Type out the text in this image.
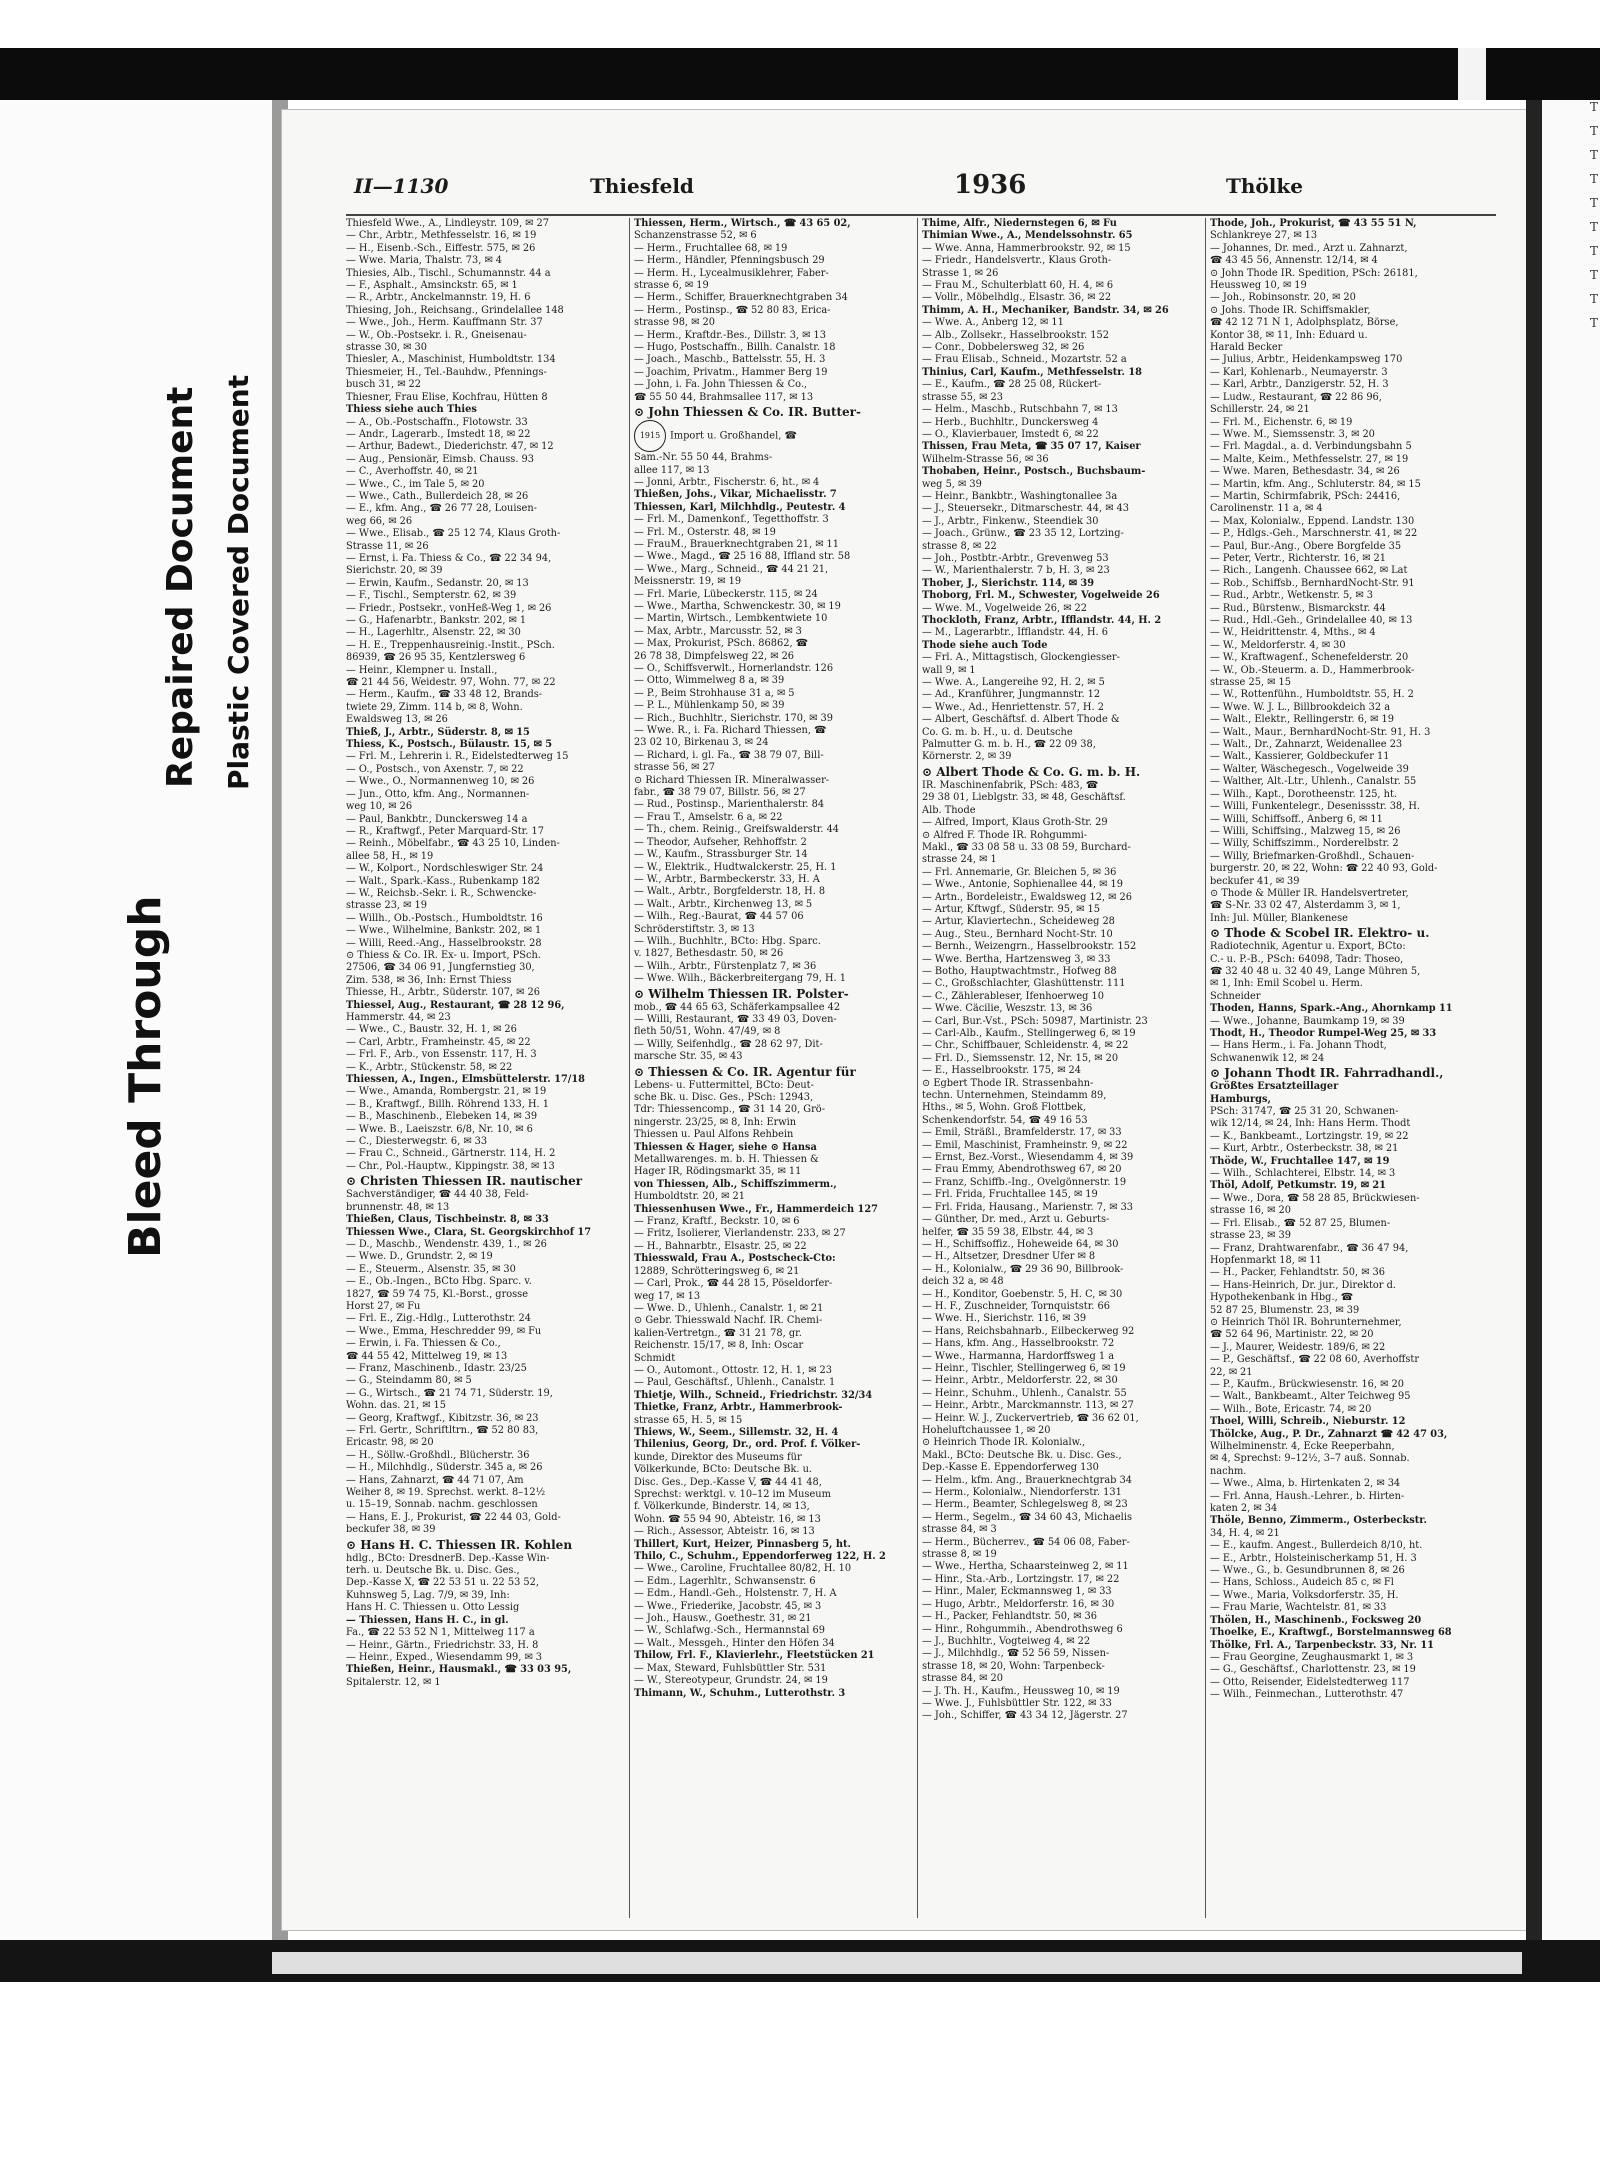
Bleed Through
Repaired Document Plastic Covered Document
II—1130	Thiesfeld	1936	Thölke
Thiesfeld Wwe., A., Lindleystr. 109, ✉ 27
— Chr., Arbtr., Methfesselstr. 16, ✉ 19
— H., Eisenb.-Sch., Eiffestr. 575, ✉ 26
— Wwe. Maria, Thalstr. 73, ✉ 4
Thiesies, Alb., Tischl., Schumannstr. 44 a
— F., Asphalt., Amsinckstr. 65, ✉ 1
— R., Arbtr., Anckelmannstr. 19, H. 6
Thiesing, Joh., Reichsang., Grindelallee 148
— Wwe., Joh., Herm. Kauffmann Str. 37
— W., Ob.-Postsekr. i. R., Gneisenau-
strasse 30, ✉ 30
Thiesler, A., Maschinist, Humboldtstr. 134
Thiesmeier, H., Tel.-Bauhdw., Pfennings-
busch 31, ✉ 22
Thiesner, Frau Elise, Kochfrau, Hütten 8
Thiess siehe auch Thies
— A., Ob.-Postschaffn., Flotowstr. 33
— Andr., Lagerarb., Imstedt 18, ✉ 22
— Arthur, Badewt., Diederichstr. 47, ✉ 12
— Aug., Pensionär, Eimsb. Chauss. 93
— C., Averhoffstr. 40, ✉ 21
— Wwe., C., im Tale 5, ✉ 20
— Wwe., Cath., Bullerdeich 28, ✉ 26
— E., kfm. Ang., ☎ 26 77 28, Louisen-
weg 66, ✉ 26
— Wwe., Elisab., ☎ 25 12 74, Klaus Groth-
Strasse 11, ✉ 26
— Ernst, i. Fa. Thiess & Co., ☎ 22 34 94,
Sierichstr. 20, ✉ 39
— Erwin, Kaufm., Sedanstr. 20, ✉ 13
— F., Tischl., Sempterstr. 62, ✉ 39
— Friedr., Postsekr., vonHeß-Weg 1, ✉ 26
— G., Hafenarbtr., Bankstr. 202, ✉ 1
— H., Lagerhltr., Alsenstr. 22, ✉ 30
— H. E., Treppenhausreinig.-Instit., PSch.
86939, ☎ 26 95 35, Kentzlersweg 6
— Heinr., Klempner u. Install.,
☎ 21 44 56, Weidestr. 97, Wohn. 77, ✉ 22
— Herm., Kaufm., ☎ 33 48 12, Brands-
twiete 29, Zimm. 114 b, ✉ 8, Wohn.
Ewaldsweg 13, ✉ 26
Thieß, J., Arbtr., Süderstr. 8, ✉ 15
Thiess, K., Postsch., Bülaustr. 15, ✉ 5
— Frl. M., Lehrerin i. R., Eidelstedterweg 15
— O., Postsch., von Axenstr. 7, ✉ 22
— Wwe., O., Normannenweg 10, ✉ 26
— Jun., Otto, kfm. Ang., Normannen-
weg 10, ✉ 26
— Paul, Bankbtr., Dunckersweg 14 a
— R., Kraftwgf., Peter Marquard-Str. 17
— Reinh., Möbelfabr., ☎ 43 25 10, Linden-
allee 58, H., ✉ 19
— W., Kolport., Nordschleswiger Str. 24
— Walt., Spark.-Kass., Rubenkamp 182
— W., Reichsb.-Sekr. i. R., Schwencke-
strasse 23, ✉ 19
— Willh., Ob.-Postsch., Humboldtstr. 16
— Wwe., Wilhelmine, Bankstr. 202, ✉ 1
— Willi, Reed.-Ang., Hasselbrookstr. 28
⊙ Thiess & Co. IR. Ex- u. Import, PSch.
27506, ☎ 34 06 91, Jungfernstieg 30,
Zim. 538, ✉ 36, Inh: Ernst Thiess
Thiesse, H., Arbtr., Süderstr. 107, ✉ 26
Thiessel, Aug., Restaurant, ☎ 28 12 96,
Hammerstr. 44, ✉ 23
— Wwe., C., Baustr. 32, H. 1, ✉ 26
— Carl, Arbtr., Framheinstr. 45, ✉ 22
— Frl. F., Arb., von Essenstr. 117, H. 3
— K., Arbtr., Stückenstr. 58, ✉ 22
Thiessen, A., Ingen., Elmsbüttelerstr. 17/18
— Wwe., Amanda, Rombergstr. 21, ✉ 19
— B., Kraftwgf., Billh. Röhrend 133, H. 1
— B., Maschinenb., Elebeken 14, ✉ 39
— Wwe. B., Laeiszstr. 6/8, Nr. 10, ✉ 6
— C., Diesterwegstr. 6, ✉ 33
— Frau C., Schneid., Gärtnerstr. 114, H. 2
— Chr., Pol.-Hauptw., Kippingstr. 38, ✉ 13
⊙ Christen Thiessen IR. nautischer
Sachverständiger, ☎ 44 40 38, Feld-
brunnenstr. 48, ✉ 13
Thießen, Claus, Tischbeinstr. 8, ✉ 33
Thiessen Wwe., Clara, St. Georgskirchhof 17
— D., Maschb., Wendenstr. 439, 1., ✉ 26
— Wwe. D., Grundstr. 2, ✉ 19
— E., Steuerm., Alsenstr. 35, ✉ 30
— E., Ob.-Ingen., BCto Hbg. Sparc. v.
1827, ☎ 59 74 75, Kl.-Borst., grosse
Horst 27, ✉ Fu
— Frl. E., Zig.-Hdlg., Lutterothstr. 24
— Wwe., Emma, Heschredder 99, ✉ Fu
— Erwin, i. Fa. Thiessen & Co.,
☎ 44 55 42, Mittelweg 19, ✉ 13
— Franz, Maschinenb., Idastr. 23/25
— G., Steindamm 80, ✉ 5
— G., Wirtsch., ☎ 21 74 71, Süderstr. 19,
Wohn. das. 21, ✉ 15
— Georg, Kraftwgf., Kibitzstr. 36, ✉ 23
— Frl. Gertr., Schriftltrn., ☎ 52 80 83,
Ericastr. 98, ✉ 20
— H., Söllw.-Großhdl., Blücherstr. 36
— H., Milchhdlg., Süderstr. 345 a, ✉ 26
— Hans, Zahnarzt, ☎ 44 71 07, Am
Weiher 8, ✉ 19. Sprechst. werkt. 8–12½
u. 15–19, Sonnab. nachm. geschlossen
— Hans, E. J., Prokurist, ☎ 22 44 03, Gold-
beckufer 38, ✉ 39
⊙ Hans H. C. Thiessen IR. Kohlen
hdlg., BCto: DresdnerB. Dep.-Kasse Win-
terh. u. Deutsche Bk. u. Disc. Ges.,
Dep.-Kasse X, ☎ 22 53 51 u. 22 53 52,
Kuhnsweg 5, Lag. 7/9, ✉ 39, Inh:
Hans H. C. Thiessen u. Otto Lessig
— Thiessen, Hans H. C., in gl.
Fa., ☎ 22 53 52 N 1, Mittelweg 117 a
— Heinr., Gärtn., Friedrichstr. 33, H. 8
— Heinr., Exped., Wiesendamm 99, ✉ 3
Thießen, Heinr., Hausmakl., ☎ 33 03 95,
Spitalerstr. 12, ✉ 1
Thiessen, Herm., Wirtsch., ☎ 43 65 02,
Schanzenstrasse 52, ✉ 6
— Herm., Fruchtallee 68, ✉ 19
— Herm., Händler, Pfenningsbusch 29
— Herm. H., Lycealmusiklehrer, Faber-
strasse 6, ✉ 19
— Herm., Schiffer, Brauerknechtgraben 34
— Herm., Postinsp., ☎ 52 80 83, Erica-
strasse 98, ✉ 20
— Herm., Kraftdr.-Bes., Dillstr. 3, ✉ 13
— Hugo, Postschaffn., Billh. Canalstr. 18
— Joach., Maschb., Battelsstr. 55, H. 3
— Joachim, Privatm., Hammer Berg 19
— John, i. Fa. John Thiessen & Co.,
☎ 55 50 44, Brahmsallee 117, ✉ 13
⊙ John Thiessen & Co. IR. Butter-
1915 Import u. Großhandel, ☎
Sam.-Nr. 55 50 44, Brahms-
allee 117, ✉ 13
— Jonni, Arbtr., Fischerstr. 6, ht., ✉ 4
Thießen, Johs., Vikar, Michaelisstr. 7
Thiessen, Karl, Milchhdlg., Peutestr. 4
— Frl. M., Damenkonf., Tegetthoffstr. 3
— Frl. M., Osterstr. 48, ✉ 19
— FrauM., Brauerknechtgraben 21, ✉ 11
— Wwe., Magd., ☎ 25 16 88, Iffland str. 58
— Wwe., Marg., Schneid., ☎ 44 21 21,
Meissnerstr. 19, ✉ 19
— Frl. Marie, Lübeckerstr. 115, ✉ 24
— Wwe., Martha, Schwenckestr. 30, ✉ 19
— Martin, Wirtsch., Lembkentwiete 10
— Max, Arbtr., Marcusstr. 52, ✉ 3
— Max, Prokurist, PSch. 86862, ☎
26 78 38, Dimpfelsweg 22, ✉ 26
— O., Schiffsverwlt., Hornerlandstr. 126
— Otto, Wimmelweg 8 a, ✉ 39
— P., Beim Strohhause 31 a, ✉ 5
— P. L., Mühlenkamp 50, ✉ 39
— Rich., Buchhltr., Sierichstr. 170, ✉ 39
— Wwe. R., i. Fa. Richard Thiessen, ☎
23 02 10, Birkenau 3, ✉ 24
— Richard, i. gl. Fa., ☎ 38 79 07, Bill-
strasse 56, ✉ 27
⊙ Richard Thiessen IR. Mineralwasser-
fabr., ☎ 38 79 07, Billstr. 56, ✉ 27
— Rud., Postinsp., Marienthalerstr. 84
— Frau T., Amselstr. 6 a, ✉ 22
— Th., chem. Reinig., Greifswalderstr. 44
— Theodor, Aufseher, Rehhoffstr. 2
— W., Kaufm., Strassburger Str. 14
— W., Elektrik., Hudtwalckerstr. 25, H. 1
— W., Arbtr., Barmbeckerstr. 33, H. A
— Walt., Arbtr., Borgfelderstr. 18, H. 8
— Walt., Arbtr., Kirchenweg 13, ✉ 5
— Wilh., Reg.-Baurat, ☎ 44 57 06
Schröderstiftstr. 3, ✉ 13
— Wilh., Buchhltr., BCto: Hbg. Sparc.
v. 1827, Bethesdastr. 50, ✉ 26
— Wilh., Arbtr., Fürstenplatz 7, ✉ 36
— Wwe. Wilh., Bäckerbreitergang 79, H. 1
⊙ Wilhelm Thiessen IR. Polster-
mob., ☎ 44 65 63, Schäferkampsallee 42
— Willi, Restaurant, ☎ 33 49 03, Doven-
fleth 50/51, Wohn. 47/49, ✉ 8
— Willy, Seifenhdlg., ☎ 28 62 97, Dit-
marsche Str. 35, ✉ 43
⊙ Thiessen & Co. IR. Agentur für
Lebens- u. Futtermittel, BCto: Deut-
sche Bk. u. Disc. Ges., PSch: 12943,
Tdr: Thiessencomp., ☎ 31 14 20, Grö-
ningerstr. 23/25, ✉ 8, Inh: Erwin
Thiessen u. Paul Alfons Rehbein
Thiessen & Hager, siehe ⊙ Hansa
Metallwarenges. m. b. H. Thiessen &
Hager IR, Rödingsmarkt 35, ✉ 11
von Thiessen, Alb., Schiffszimmerm.,
Humboldtstr. 20, ✉ 21
Thiessenhusen Wwe., Fr., Hammerdeich 127
— Franz, Kraftf., Beckstr. 10, ✉ 6
— Fritz, Isolierer, Vierlandenstr. 233, ✉ 27
— H., Bahnarbtr., Elsastr. 25, ✉ 22
Thiesswald, Frau A., Postscheck-Cto:
12889, Schrötteringsweg 6, ✉ 21
— Carl, Prok., ☎ 44 28 15, Pöseldorfer-
weg 17, ✉ 13
— Wwe. D., Uhlenh., Canalstr. 1, ✉ 21
⊙ Gebr. Thiesswald Nachf. IR. Chemi-
kalien-Vertretgn., ☎ 31 21 78, gr.
Reichenstr. 15/17, ✉ 8, Inh: Oscar
Schmidt
— O., Automont., Ottostr. 12, H. 1, ✉ 23
— Paul, Geschäftsf., Uhlenh., Canalstr. 1
Thietje, Wilh., Schneid., Friedrichstr. 32/34
Thietke, Franz, Arbtr., Hammerbrook-
strasse 65, H. 5, ✉ 15
Thiews, W., Seem., Sillemstr. 32, H. 4
Thilenius, Georg, Dr., ord. Prof. f. Völker-
kunde, Direktor des Museums für
Völkerkunde, BCto: Deutsche Bk. u.
Disc. Ges., Dep.-Kasse V, ☎ 44 41 48,
Sprechst: werktgl. v. 10–12 im Museum
f. Völkerkunde, Binderstr. 14, ✉ 13,
Wohn. ☎ 55 94 90, Abteistr. 16, ✉ 13
— Rich., Assessor, Abteistr. 16, ✉ 13
Thillert, Kurt, Heizer, Pinnasberg 5, ht.
Thilo, C., Schuhm., Eppendorferweg 122, H. 2
— Wwe., Caroline, Fruchtallee 80/82, H. 10
— Edm., Lagerhltr., Schwansenstr. 6
— Edm., Handl.-Geh., Holstenstr. 7, H. A
— Wwe., Friederike, Jacobstr. 45, ✉ 3
— Joh., Hausw., Goethestr. 31, ✉ 21
— W., Schlafwg.-Sch., Hermannstal 69
— Walt., Messgeh., Hinter den Höfen 34
Thilow, Frl. F., Klavierlehr., Fleetstücken 21
— Max, Steward, Fuhlsbüttler Str. 531
— W., Stereotypeur, Grundstr. 24, ✉ 19
Thimann, W., Schuhm., Lutterothstr. 3
Thime, Alfr., Niedernstegen 6, ✉ Fu
Thimian Wwe., A., Mendelssohnstr. 65
— Wwe. Anna, Hammerbrookstr. 92, ✉ 15
— Friedr., Handelsvertr., Klaus Groth-
Strasse 1, ✉ 26
— Frau M., Schulterblatt 60, H. 4, ✉ 6
— Vollr., Möbelhdlg., Elsastr. 36, ✉ 22
Thimm, A. H., Mechaniker, Bandstr. 34, ✉ 26
— Wwe. A., Anberg 12, ✉ 11
— Alb., Zollsekr., Hasselbrookstr. 152
— Conr., Dobbelersweg 32, ✉ 26
— Frau Elisab., Schneid., Mozartstr. 52 a
Thinius, Carl, Kaufm., Methfesselstr. 18
— E., Kaufm., ☎ 28 25 08, Rückert-
strasse 55, ✉ 23
— Helm., Maschb., Rutschbahn 7, ✉ 13
— Herb., Buchhltr., Dunckersweg 4
— O., Klavierbauer, Imstedt 6, ✉ 22
Thissen, Frau Meta, ☎ 35 07 17, Kaiser
Wilhelm-Strasse 56, ✉ 36
Thobaben, Heinr., Postsch., Buchsbaum-
weg 5, ✉ 39
— Heinr., Bankbtr., Washingtonallee 3a
— J., Steuersekr., Ditmarschestr. 44, ✉ 43
— J., Arbtr., Finkenw., Steendiek 30
— Joach., Grünw., ☎ 23 35 12, Lortzing-
strasse 8, ✉ 22
— Joh., Postbtr.-Arbtr., Grevenweg 53
— W., Marienthalerstr. 7 b, H. 3, ✉ 23
Thober, J., Sierichstr. 114, ✉ 39
Thoborg, Frl. M., Schwester, Vogelweide 26
— Wwe. M., Vogelweide 26, ✉ 22
Thockloth, Franz, Arbtr., Ifflandstr. 44, H. 2
— M., Lagerarbtr., Ifflandstr. 44, H. 6
Thode siehe auch Tode
— Frl. A., Mittagstisch, Glockengiesser-
wall 9, ✉ 1
— Wwe. A., Langereihe 92, H. 2, ✉ 5
— Ad., Kranführer, Jungmannstr. 12
— Wwe., Ad., Henriettenstr. 57, H. 2
— Albert, Geschäftsf. d. Albert Thode &
Co. G. m. b. H., u. d. Deutsche
Palmutter G. m. b. H., ☎ 22 09 38,
Körnerstr. 2, ✉ 39
⊙ Albert Thode & Co. G. m. b. H.
IR. Maschinenfabrik, PSch: 483, ☎
29 38 01, Lieblgstr. 33, ✉ 48, Geschäftsf.
Alb. Thode
— Alfred, Import, Klaus Groth-Str. 29
⊙ Alfred F. Thode IR. Rohgummi-
Makl., ☎ 33 08 58 u. 33 08 59, Burchard-
strasse 24, ✉ 1
— Frl. Annemarie, Gr. Bleichen 5, ✉ 36
— Wwe., Antonie, Sophienallee 44, ✉ 19
— Artn., Bordeleistr., Ewaldsweg 12, ✉ 26
— Artur, Kftwgf., Süderstr. 95, ✉ 15
— Artur, Klaviertechn., Scheideweg 28
— Aug., Steu., Bernhard Nocht-Str. 10
— Bernh., Weizengrn., Hasselbrookstr. 152
— Wwe. Bertha, Hartzensweg 3, ✉ 33
— Botho, Hauptwachtmstr., Hofweg 88
— C., Großschlachter, Glashüttenstr. 111
— C., Zählerableser, Ifenhoerweg 10
— Wwe. Cäcilie, Weszstr. 13, ✉ 36
— Carl, Bur.-Vst., PSch: 50987, Martinistr. 23
— Carl-Alb., Kaufm., Stellingerweg 6, ✉ 19
— Chr., Schiffbauer, Schleidenstr. 4, ✉ 22
— Frl. D., Siemssenstr. 12, Nr. 15, ✉ 20
— E., Hasselbrookstr. 175, ✉ 24
⊙ Egbert Thode IR. Strassenbahn-
techn. Unternehmen, Steindamm 89,
Hths., ✉ 5, Wohn. Groß Flottbek,
Schenkendorfstr. 54, ☎ 49 16 53
— Emil, Sträßl., Bramfelderstr. 17, ✉ 33
— Emil, Maschinist, Framheinstr. 9, ✉ 22
— Ernst, Bez.-Vorst., Wiesendamm 4, ✉ 39
— Frau Emmy, Abendrothsweg 67, ✉ 20
— Franz, Schiffb.-Ing., Ovelgönnerstr. 19
— Frl. Frida, Fruchtallee 145, ✉ 19
— Frl. Frida, Hausang., Marienstr. 7, ✉ 33
— Günther, Dr. med., Arzt u. Geburts-
helfer, ☎ 35 59 38, Elbstr. 44, ✉ 3
— H., Schiffsoffiz., Hoheweide 64, ✉ 30
— H., Altsetzer, Dresdner Ufer ✉ 8
— H., Kolonialw., ☎ 29 36 90, Billbrook-
deich 32 a, ✉ 48
— H., Konditor, Goebenstr. 5, H. C, ✉ 30
— H. F., Zuschneider, Tornquiststr. 66
— Wwe. H., Sierichstr. 116, ✉ 39
— Hans, Reichsbahnarb., Eilbeckerweg 92
— Hans, kfm. Ang., Hasselbrookstr. 72
— Wwe., Harmanna, Hardorffsweg 1 a
— Heinr., Tischler, Stellingerweg 6, ✉ 19
— Heinr., Arbtr., Meldorferstr. 22, ✉ 30
— Heinr., Schuhm., Uhlenh., Canalstr. 55
— Heinr., Arbtr., Marckmannstr. 113, ✉ 27
— Heinr. W. J., Zuckervertrieb, ☎ 36 62 01,
Hoheluftchaussee 1, ✉ 20
⊙ Heinrich Thode IR. Kolonialw.,
Makl., BCto: Deutsche Bk. u. Disc. Ges.,
Dep.-Kasse E. Eppendorferweg 130
— Helm., kfm. Ang., Brauerknechtgrab 34
— Herm., Kolonialw., Niendorferstr. 131
— Herm., Beamter, Schlegelsweg 8, ✉ 23
— Herm., Segelm., ☎ 34 60 43, Michaelis
strasse 84, ✉ 3
— Herm., Bücherrev., ☎ 54 06 08, Faber-
strasse 8, ✉ 19
— Wwe., Hertha, Schaarsteinweg 2, ✉ 11
— Hinr., Sta.-Arb., Lortzingstr. 17, ✉ 22
— Hinr., Maler, Eckmannsweg 1, ✉ 33
— Hugo, Arbtr., Meldorferstr. 16, ✉ 30
— H., Packer, Fehlandtstr. 50, ✉ 36
— Hinr., Rohgummih., Abendrothsweg 6
— J., Buchhltr., Vogteiweg 4, ✉ 22
— J., Milchhdlg., ☎ 52 56 59, Nissen-
strasse 18, ✉ 20, Wohn: Tarpenbeck-
strasse 84, ✉ 20
— J. Th. H., Kaufm., Heussweg 10, ✉ 19
— Wwe. J., Fuhlsbüttler Str. 122, ✉ 33
— Joh., Schiffer, ☎ 43 34 12, Jägerstr. 27
Thode, Joh., Prokurist, ☎ 43 55 51 N,
Schlankreye 27, ✉ 13
— Johannes, Dr. med., Arzt u. Zahnarzt,
☎ 43 45 56, Annenstr. 12/14, ✉ 4
⊙ John Thode IR. Spedition, PSch: 26181,
Heussweg 10, ✉ 19
— Joh., Robinsonstr. 20, ✉ 20
⊙ Johs. Thode IR. Schiffsmakler,
☎ 42 12 71 N 1, Adolphsplatz, Börse,
Kontor 38, ✉ 11, Inh: Eduard u.
Harald Becker
— Julius, Arbtr., Heidenkampsweg 170
— Karl, Kohlenarb., Neumayerstr. 3
— Karl, Arbtr., Danzigerstr. 52, H. 3
— Ludw., Restaurant, ☎ 22 86 96,
Schillerstr. 24, ✉ 21
— Frl. M., Eichenstr. 6, ✉ 19
— Wwe. M., Siemssenstr. 3, ✉ 20
— Frl. Magdal., a. d. Verbindungsbahn 5
— Malte, Keim., Methfesselstr. 27, ✉ 19
— Wwe. Maren, Bethesdastr. 34, ✉ 26
— Martin, kfm. Ang., Schluterstr. 84, ✉ 15
— Martin, Schirmfabrik, PSch: 24416,
Carolinenstr. 11 a, ✉ 4
— Max, Kolonialw., Eppend. Landstr. 130
— P., Hdlgs.-Geh., Marschnerstr. 41, ✉ 22
— Paul, Bur.-Ang., Obere Borgfelde 35
— Peter, Vertr., Richterstr. 16, ✉ 21
— Rich., Langenh. Chaussee 662, ✉ Lat
— Rob., Schiffsb., BernhardNocht-Str. 91
— Rud., Arbtr., Wetkenstr. 5, ✉ 3
— Rud., Bürstenw., Bismarckstr. 44
— Rud., Hdl.-Geh., Grindelallee 40, ✉ 13
— W., Heidrittenstr. 4, Mths., ✉ 4
— W., Meldorferstr. 4, ✉ 30
— W., Kraftwagenf., Schenefelderstr. 20
— W., Ob.-Steuerm. a. D., Hammerbrook-
strasse 25, ✉ 15
— W., Rottenfühn., Humboldtstr. 55, H. 2
— Wwe. W. J. L., Billbrookdeich 32 a
— Walt., Elektr., Rellingerstr. 6, ✉ 19
— Walt., Maur., BernhardNocht-Str. 91, H. 3
— Walt., Dr., Zahnarzt, Weidenallee 23
— Walt., Kassierer, Goldbeckufer 11
— Walter, Wäschegesch., Vogelweide 39
— Walther, Alt.-Ltr., Uhlenh., Canalstr. 55
— Wilh., Kapt., Dorotheenstr. 125, ht.
— Willi, Funkentelegr., Desenissstr. 38, H.
— Willi, Schiffsoff., Anberg 6, ✉ 11
— Willi, Schiffsing., Malzweg 15, ✉ 26
— Willy, Schiffszimm., Norderelbstr. 2
— Willy, Briefmarken-Großhdl., Schauen-
burgerstr. 20, ✉ 22, Wohn: ☎ 22 40 93, Gold-
beckufer 41, ✉ 39
⊙ Thode & Müller IR. Handelsvertreter,
☎ S-Nr. 33 02 47, Alsterdamm 3, ✉ 1,
Inh: Jul. Müller, Blankenese
⊙ Thode & Scobel IR. Elektro- u.
Radiotechnik, Agentur u. Export, BCto:
C.- u. P.-B., PSch: 64098, Tadr: Thoseo,
☎ 32 40 48 u. 32 40 49, Lange Mühren 5,
✉ 1, Inh: Emil Scobel u. Herm.
Schneider
Thoden, Hanns, Spark.-Ang., Ahornkamp 11
— Wwe., Johanne, Baumkamp 19, ✉ 39
Thodt, H., Theodor Rumpel-Weg 25, ✉ 33
— Hans Herm., i. Fa. Johann Thodt,
Schwanenwik 12, ✉ 24
⊙ Johann Thodt IR. Fahrradhandl.,
Größtes Ersatzteillager
Hamburgs,
PSch: 31747, ☎ 25 31 20, Schwanen-
wik 12/14, ✉ 24, Inh: Hans Herm. Thodt
— K., Bankbeamt., Lortzingstr. 19, ✉ 22
— Kurt, Arbtr., Osterbeckstr. 38, ✉ 21
Thöde, W., Fruchtallee 147, ✉ 19
— Wilh., Schlachterei, Elbstr. 14, ✉ 3
Thöl, Adolf, Petkumstr. 19, ✉ 21
— Wwe., Dora, ☎ 58 28 85, Brückwiesen-
strasse 16, ✉ 20
— Frl. Elisab., ☎ 52 87 25, Blumen-
strasse 23, ✉ 39
— Franz, Drahtwarenfabr., ☎ 36 47 94,
Hopfenmarkt 18, ✉ 11
— H., Packer, Fehlandtstr. 50, ✉ 36
— Hans-Heinrich, Dr. jur., Direktor d.
Hypothekenbank in Hbg., ☎
52 87 25, Blumenstr. 23, ✉ 39
⊙ Heinrich Thöl IR. Bohrunternehmer,
☎ 52 64 96, Martinistr. 22, ✉ 20
— J., Maurer, Weidestr. 189/6, ✉ 22
— P., Geschäftsf., ☎ 22 08 60, Averhoffstr
22, ✉ 21
— P., Kaufm., Brückwiesenstr. 16, ✉ 20
— Walt., Bankbeamt., Alter Teichweg 95
— Wilh., Bote, Ericastr. 74, ✉ 20
Thoel, Willi, Schreib., Nieburstr. 12
Thölcke, Aug., P. Dr., Zahnarzt ☎ 42 47 03,
Wilhelminenstr. 4, Ecke Reeperbahn,
✉ 4, Sprechst: 9–12½, 3–7 auß. Sonnab.
nachm.
— Wwe., Alma, b. Hirtenkaten 2, ✉ 34
— Frl. Anna, Haush.-Lehrer., b. Hirten-
katen 2, ✉ 34
Thöle, Benno, Zimmerm., Osterbeckstr.
34, H. 4, ✉ 21
— E., kaufm. Angest., Bullerdeich 8/10, ht.
— E., Arbtr., Holsteinischerkamp 51, H. 3
— Wwe., G., b. Gesundbrunnen 8, ✉ 26
— Hans, Schloss., Audeich 85 c, ✉ Fl
— Wwe., Maria, Volksdorferstr. 35, H.
— Frau Marie, Wachtelstr. 81, ✉ 33
Thölen, H., Maschinenb., Focksweg 20
Thoelke, E., Kraftwgf., Borstelmannsweg 68
Thölke, Frl. A., Tarpenbeckstr. 33, Nr. 11
— Frau Georgine, Zeughausmarkt 1, ✉ 3
— G., Geschäftsf., Charlottenstr. 23, ✉ 19
— Otto, Reisender, Eidelstedterweg 117
— Wilh., Feinmechan., Lutterothstr. 47
T
T
T
T
T
T
T
T
T
T
